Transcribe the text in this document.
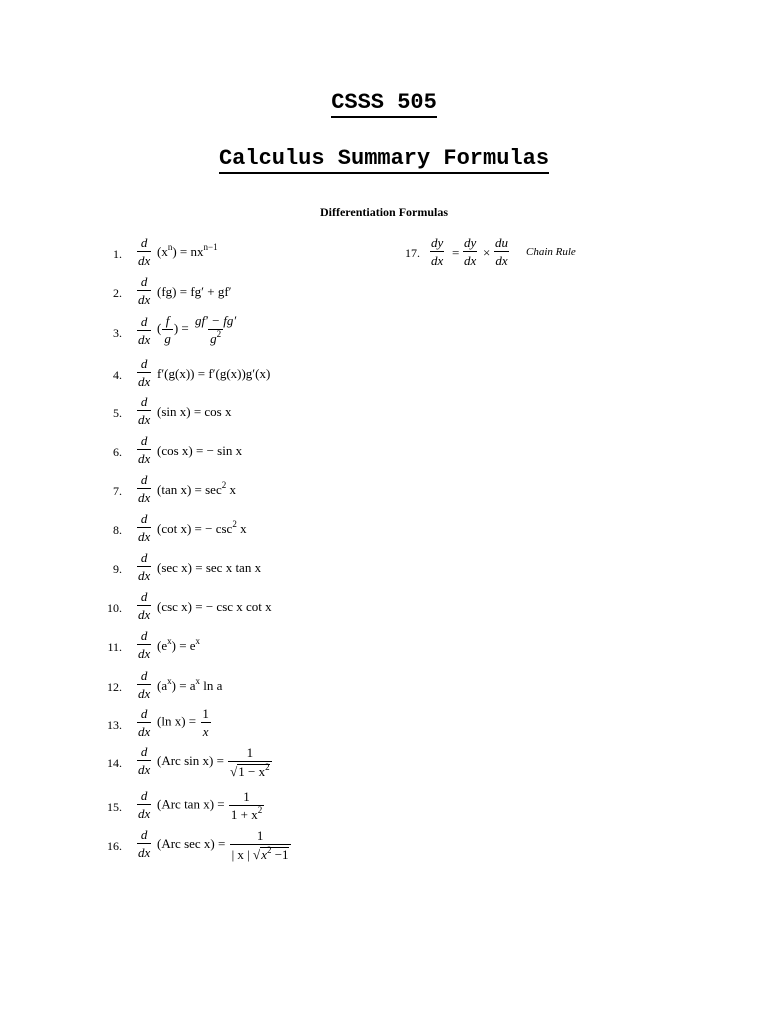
CSSS 505
Calculus Summary Formulas
Differentiation Formulas
1. $\frac{d}{dx}$
2. $\frac{d}{dx}$
3. $\frac{d}{dx}$
4. $\frac{d}{dx}$
5. $\frac{d}{dx}$
6. $\frac{d}{dx}$
7. $\frac{d}{dx}$
8. $\frac{d}{dx}$
9. $\frac{d}{dx}$
10. $\frac{d}{dx}$
11. $\frac{d}{dx}$
12. $\frac{d}{dx}$
13. $\frac{d}{dx}$
14. $\frac{d}{dx}$
15. $\frac{d}{dx}$
16. $\frac{d}{dx}$
$(x^n) = nx^{n-1}$
(fg) = fg′ + gf′
( $\frac{f}{g}$ ) = $\frac{gf' - fg'}{g^2}$
f′(g(x)) = f′(g(x))g′(x)
(sin x) = cos x
(cos x) = − sin x
(tan $x) = \sec^2 x$
(cot x) = − $\csc^2 x$
(sec x) = sec x tan x
(csc x) = − csc x cot x
$(e^x) = e^x$
$(a^x) = a^x$ ln a
(ln $x) = \frac{1}{x}$
(Arc $\sin x) = \frac{1}{√1 - x^2}$
(Arc $\tan x) = \frac{1}{1 + x^2}$
(Arc $\sec x) = \frac{1}{| x | √x^2 -1}$
17. $\frac{dy}{dx} = \frac{dy}{dx} \times \frac{du}{dx}$ Chain Rule
